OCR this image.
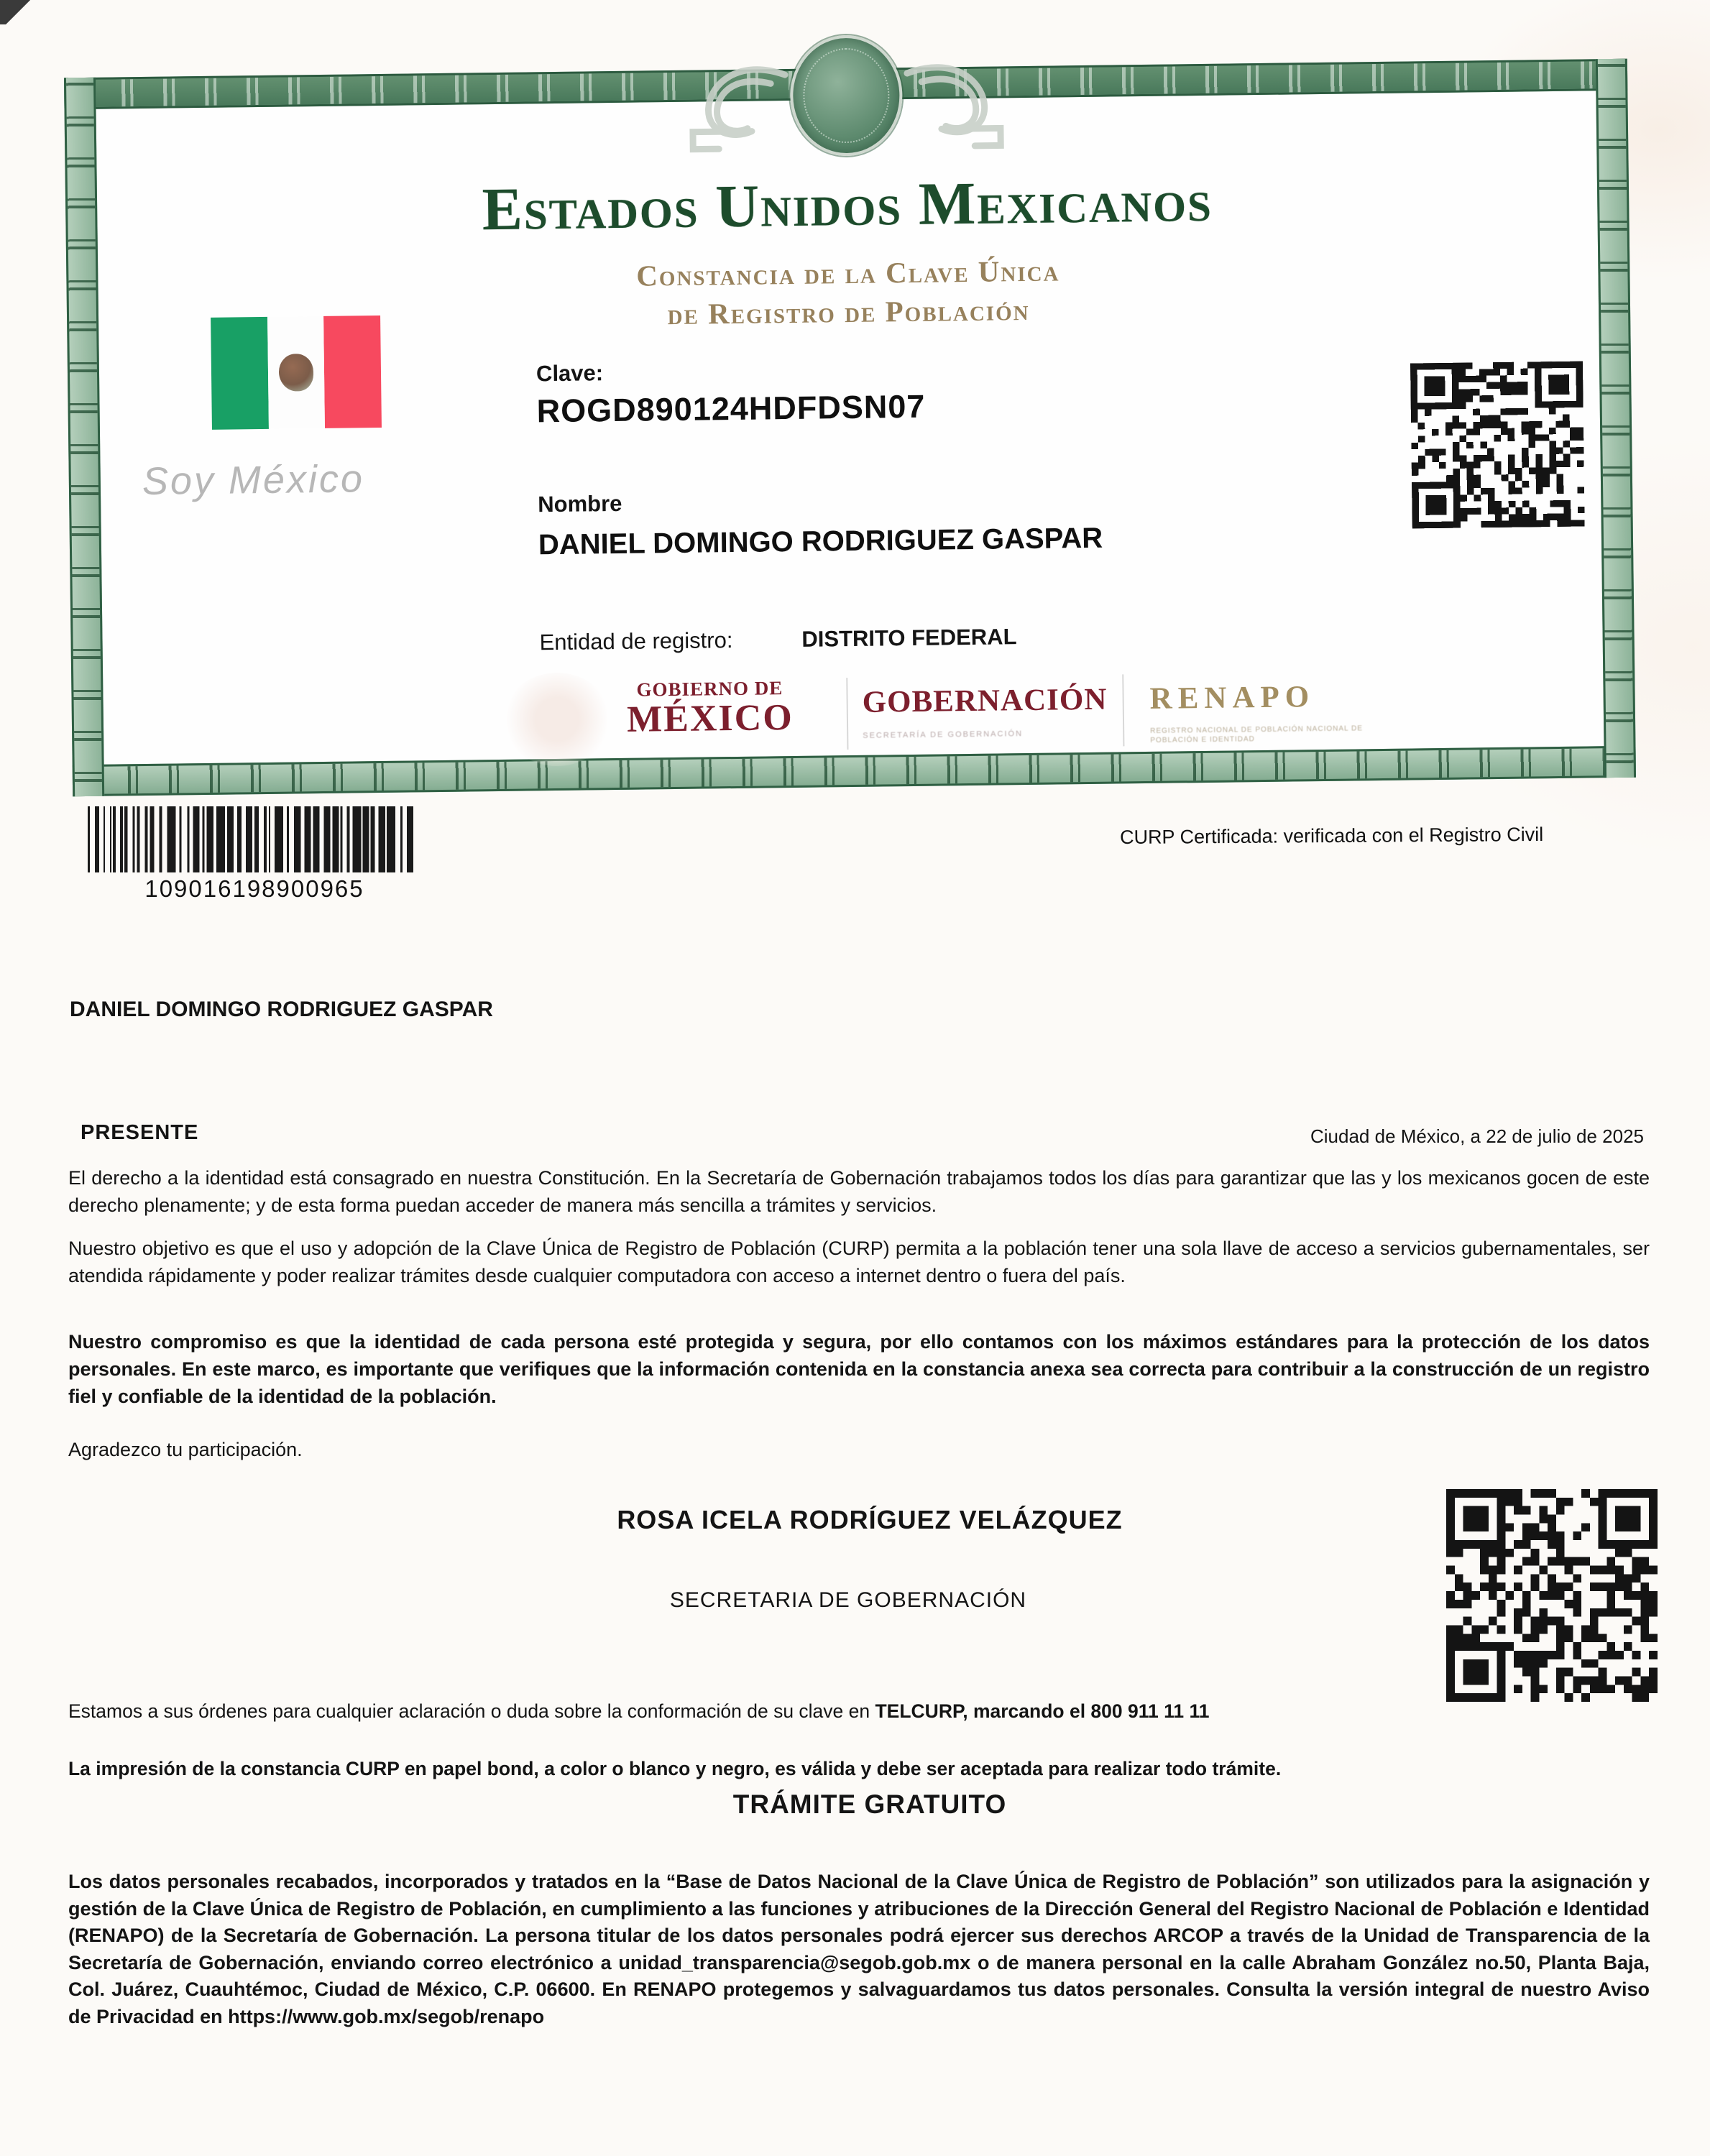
Estados Unidos Mexicanos
Constancia de la Clave Única
de Registro de Población
Soy México
Clave:
ROGD890124HDFDSN07
Nombre
DANIEL DOMINGO RODRIGUEZ GASPAR
Entidad de registro:	DISTRITO FEDERAL
GOBIERNO DE
MÉXICO	GOBERNACIÓN
SECRETARÍA DE GOBERNACIÓN
RENAPO
REGISTRO NACIONAL DE POBLACIÓN NACIONAL DE POBLACIÓN E IDENTIDAD
109016198900965
CURP Certificada: verificada con el Registro Civil
DANIEL DOMINGO RODRIGUEZ GASPAR
PRESENTE	Ciudad de México, a 22 de julio de 2025
El derecho a la identidad está consagrado en nuestra Constitución. En la Secretaría de Gobernación trabajamos todos los días para garantizar que las y los mexicanos gocen de este derecho plenamente; y de esta forma puedan acceder de manera más sencilla a trámites y servicios.
Nuestro objetivo es que el uso y adopción de la Clave Única de Registro de Población (CURP) permita a la población tener una sola llave de acceso a servicios gubernamentales, ser atendida rápidamente y poder realizar trámites desde cualquier computadora con acceso a internet dentro o fuera del país.
Nuestro compromiso es que la identidad de cada persona esté protegida y segura, por ello contamos con los máximos estándares para la protección de los datos personales. En este marco, es importante que verifiques que la información contenida en la constancia anexa sea correcta para contribuir a la construcción de un registro fiel y confiable de la identidad de la población.
Agradezco tu participación.
ROSA ICELA RODRÍGUEZ VELÁZQUEZ
SECRETARIA DE GOBERNACIÓN
Estamos a sus órdenes para cualquier aclaración o duda sobre la conformación de su clave en TELCURP, marcando el 800 911 11 11
La impresión de la constancia CURP en papel bond, a color o blanco y negro, es válida y debe ser aceptada para realizar todo trámite.
TRÁMITE GRATUITO
Los datos personales recabados, incorporados y tratados en la “Base de Datos Nacional de la Clave Única de Registro de Población” son utilizados para la asignación y gestión de la Clave Única de Registro de Población, en cumplimiento a las funciones y atribuciones de la Dirección General del Registro Nacional de Población e Identidad (RENAPO) de la Secretaría de Gobernación. La persona titular de los datos personales podrá ejercer sus derechos ARCOP a través de la Unidad de Transparencia de la Secretaría de Gobernación, enviando correo electrónico a unidad_transparencia@segob.gob.mx o de manera personal en la calle Abraham González no.50, Planta Baja, Col. Juárez, Cuauhtémoc, Ciudad de México, C.P. 06600. En RENAPO protegemos y salvaguardamos tus datos personales. Consulta la versión integral de nuestro Aviso de Privacidad en https://www.gob.mx/segob/renapo
